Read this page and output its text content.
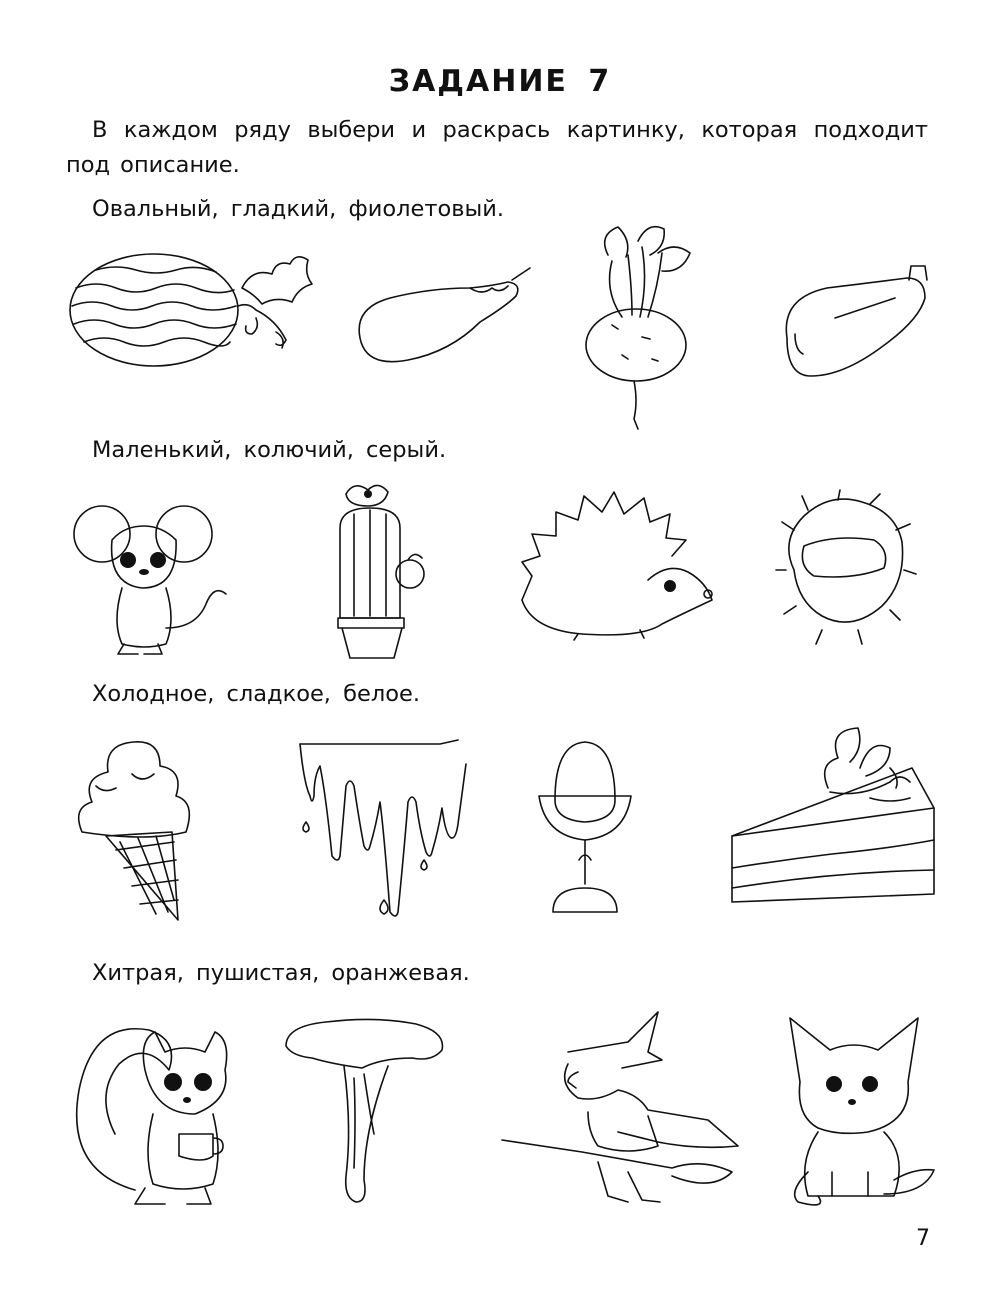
ЗАДАНИЕ 7
В каждом ряду выбери и раскрась картинку, которая подходит под описание.
Овальный, гладкий, фиолетовый.
Маленький, колючий, серый.
Холодное, сладкое, белое.
Хитрая, пушистая, оранжевая.
7
